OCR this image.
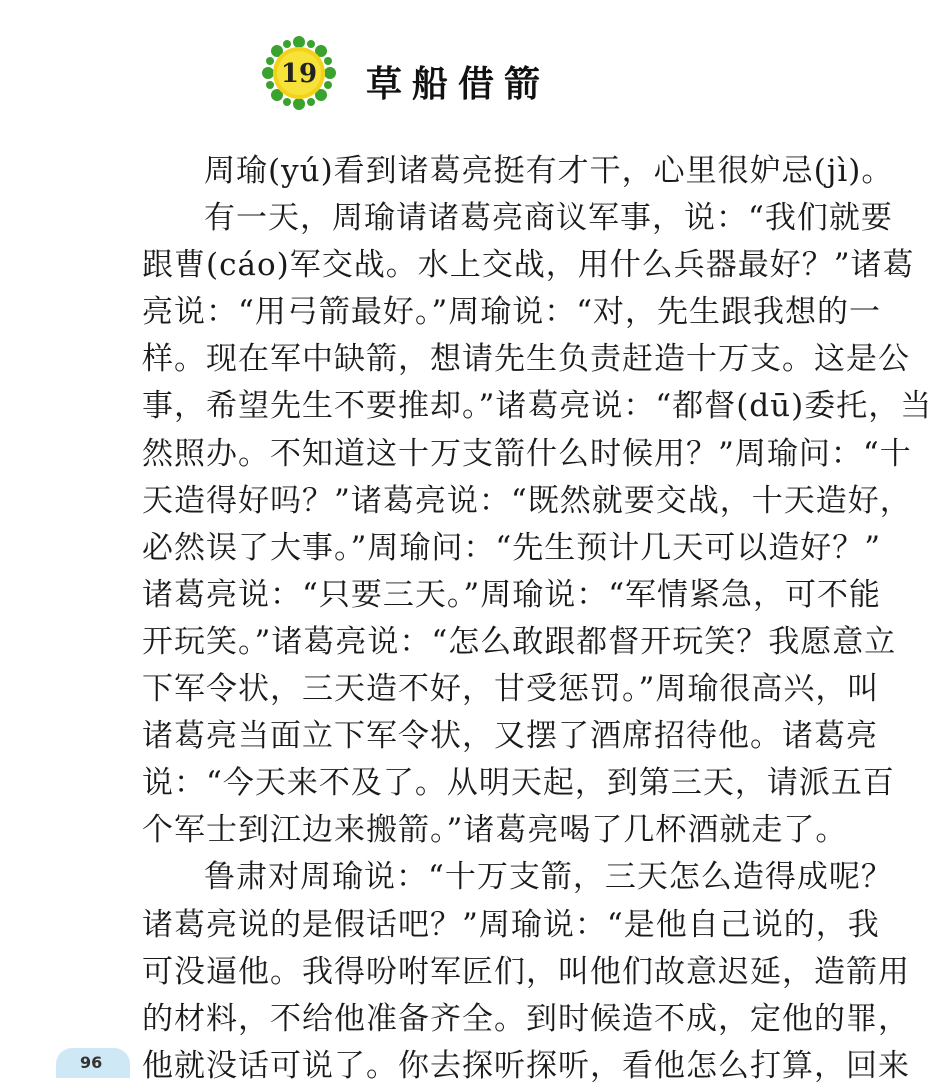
19 草船借箭
周瑜(yú)看到诸葛亮挺有才干，心里很妒忌(jì)。
有一天，周瑜请诸葛亮商议军事，说：“我们就要
跟曹(cáo)军交战。水上交战，用什么兵器最好？”诸葛
亮说：“用弓箭最好。”周瑜说：“对，先生跟我想的一
样。现在军中缺箭，想请先生负责赶造十万支。这是公
事，希望先生不要推却。”诸葛亮说：“都督(dū)委托，当
然照办。不知道这十万支箭什么时候用？”周瑜问：“十
天造得好吗？”诸葛亮说：“既然就要交战，十天造好，
必然误了大事。”周瑜问：“先生预计几天可以造好？”
诸葛亮说：“只要三天。”周瑜说：“军情紧急，可不能
开玩笑。”诸葛亮说：“怎么敢跟都督开玩笑？我愿意立
下军令状，三天造不好，甘受惩罚。”周瑜很高兴，叫
诸葛亮当面立下军令状，又摆了酒席招待他。诸葛亮
说：“今天来不及了。从明天起，到第三天，请派五百
个军士到江边来搬箭。”诸葛亮喝了几杯酒就走了。
鲁肃对周瑜说：“十万支箭，三天怎么造得成呢？
诸葛亮说的是假话吧？”周瑜说：“是他自己说的，我
可没逼他。我得吩咐军匠们，叫他们故意迟延，造箭用
的材料，不给他准备齐全。到时候造不成，定他的罪，
他就没话可说了。你去探听探听，看他怎么打算，回来
96
